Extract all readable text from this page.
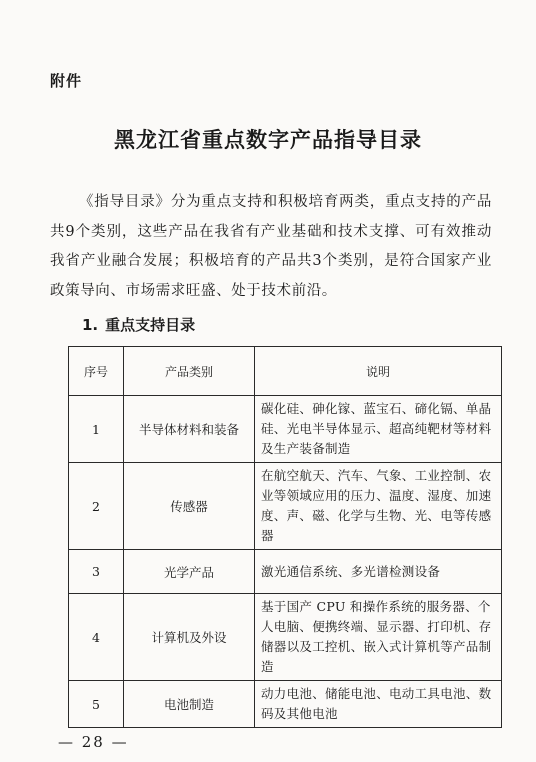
附件
黑龙江省重点数字产品指导目录
《指导目录》分为重点支持和积极培育两类，重点支持的产品共9个类别，这些产品在我省有产业基础和技术支撑、可有效推动我省产业融合发展；积极培育的产品共3个类别，是符合国家产业政策导向、市场需求旺盛、处于技术前沿。
1. 重点支持目录
序号	产品类别	说明
1	半导体材料和装备	碳化硅、砷化镓、蓝宝石、碲化镉、单晶硅、光电半导体显示、超高纯靶材等材料及生产装备制造
2	传感器	在航空航天、汽车、气象、工业控制、农业等领域应用的压力、温度、湿度、加速度、声、磁、化学与生物、光、电等传感器
3	光学产品	激光通信系统、多光谱检测设备
4	计算机及外设	基于国产 CPU 和操作系统的服务器、个人电脑、便携终端、显示器、打印机、存储器以及工控机、嵌入式计算机等产品制造
5	电池制造	动力电池、储能电池、电动工具电池、数码及其他电池
— 28 —
